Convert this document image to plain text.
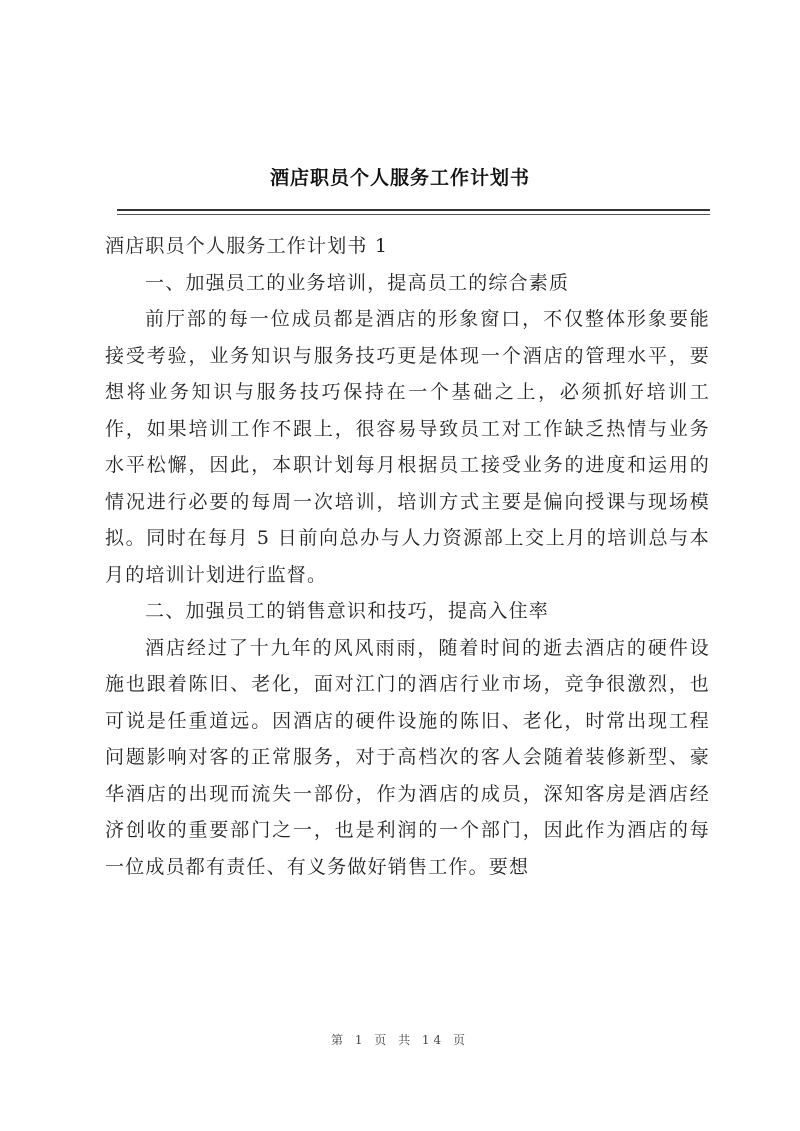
酒店职员个人服务工作计划书

酒店职员个人服务工作计划书 1

一、加强员工的业务培训，提高员工的综合素质

前厅部的每一位成员都是酒店的形象窗口，不仅整体形象要能接受考验，业务知识与服务技巧更是体现一个酒店的管理水平，要想将业务知识与服务技巧保持在一个基础之上，必须抓好培训工作，如果培训工作不跟上，很容易导致员工对工作缺乏热情与业务水平松懈，因此，本职计划每月根据员工接受业务的进度和运用的情况进行必要的每周一次培训，培训方式主要是偏向授课与现场模拟。同时在每月 5 日前向总办与人力资源部上交上月的培训总与本月的培训计划进行监督。

二、加强员工的销售意识和技巧，提高入住率

酒店经过了十九年的风风雨雨，随着时间的逝去酒店的硬件设施也跟着陈旧、老化，面对江门的酒店行业市场，竞争很激烈，也可说是任重道远。因酒店的硬件设施的陈旧、老化，时常出现工程问题影响对客的正常服务，对于高档次的客人会随着装修新型、豪华酒店的出现而流失一部份，作为酒店的成员，深知客房是酒店经济创收的重要部门之一，也是利润的一个部门，因此作为酒店的每一位成员都有责任、有义务做好销售工作。要想

第 1 页 共 14 页
